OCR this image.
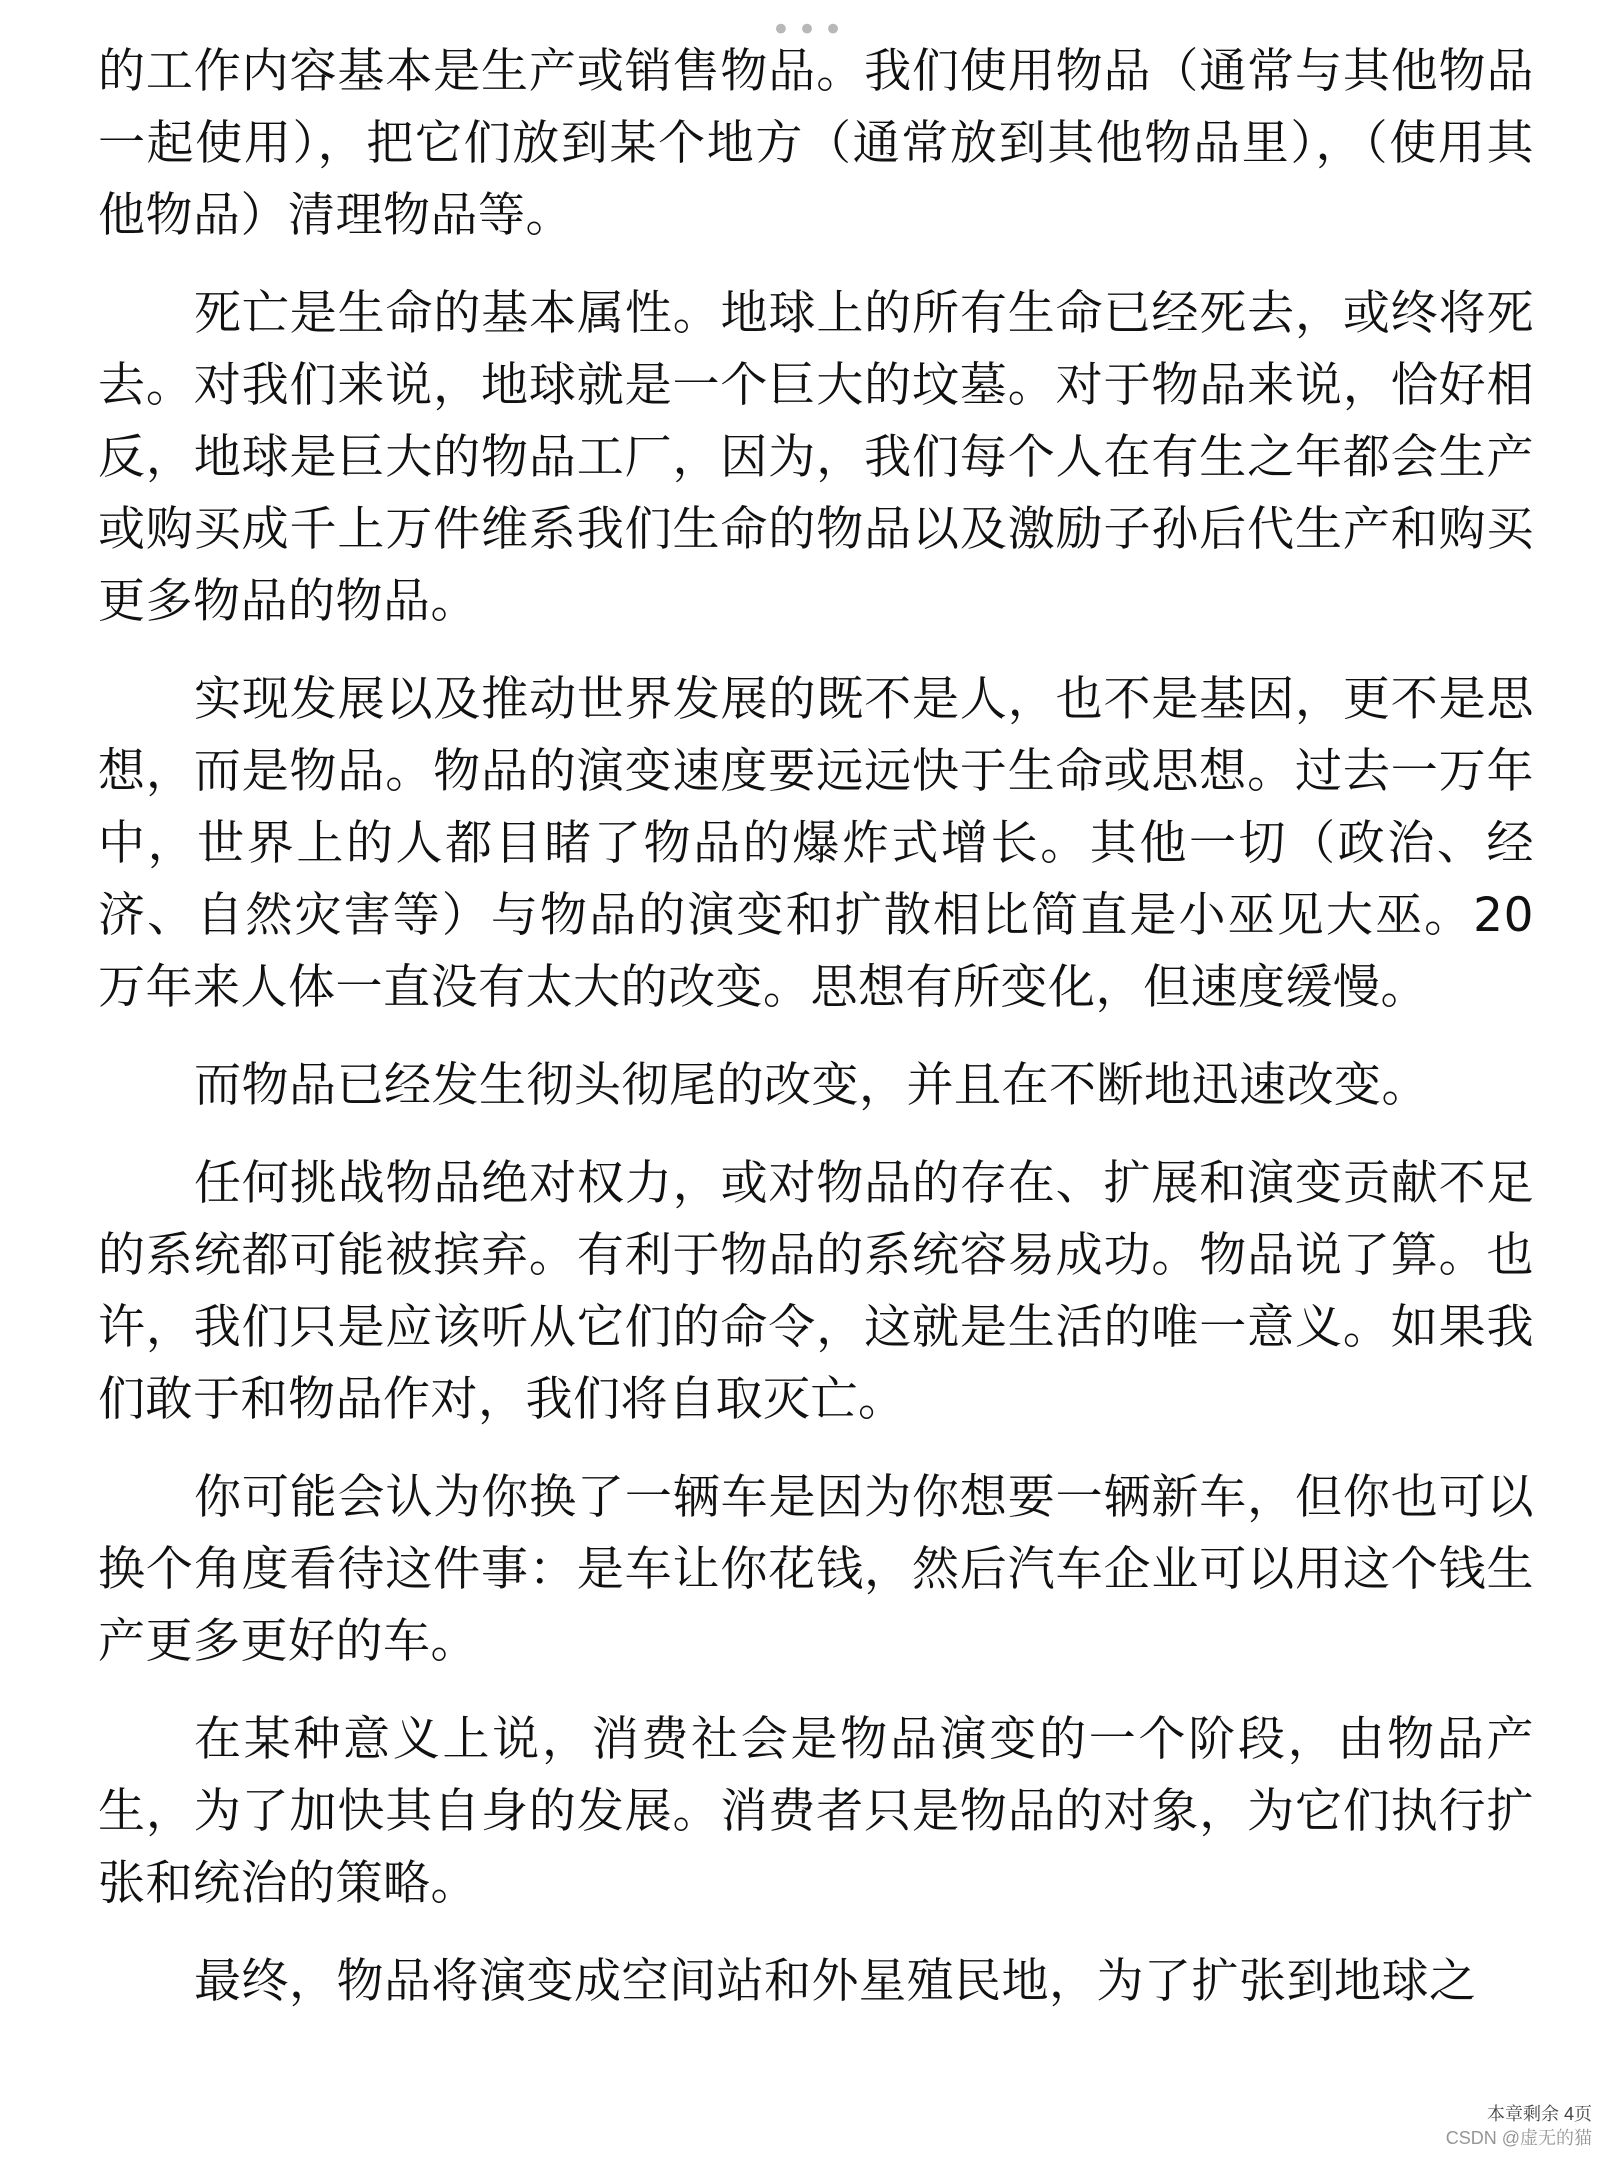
•••

的工作内容基本是生产或销售物品。我们使用物品（通常与其他物品一起使用），把它们放到某个地方（通常放到其他物品里），（使用其他物品）清理物品等。

死亡是生命的基本属性。地球上的所有生命已经死去，或终将死去。对我们来说，地球就是一个巨大的坟墓。对于物品来说，恰好相反，地球是巨大的物品工厂，因为，我们每个人在有生之年都会生产或购买成千上万件维系我们生命的物品以及激励子孙后代生产和购买更多物品的物品。

实现发展以及推动世界发展的既不是人，也不是基因，更不是思想，而是物品。物品的演变速度要远远快于生命或思想。过去一万年中，世界上的人都目睹了物品的爆炸式增长。其他一切（政治、经济、自然灾害等）与物品的演变和扩散相比简直是小巫见大巫。20万年来人体一直没有太大的改变。思想有所变化，但速度缓慢。

而物品已经发生彻头彻尾的改变，并且在不断地迅速改变。

任何挑战物品绝对权力，或对物品的存在、扩展和演变贡献不足的系统都可能被摈弃。有利于物品的系统容易成功。物品说了算。也许，我们只是应该听从它们的命令，这就是生活的唯一意义。如果我们敢于和物品作对，我们将自取灭亡。

你可能会认为你换了一辆车是因为你想要一辆新车，但你也可以换个角度看待这件事：是车让你花钱，然后汽车企业可以用这个钱生产更多更好的车。

在某种意义上说，消费社会是物品演变的一个阶段，由物品产生，为了加快其自身的发展。消费者只是物品的对象，为它们执行扩张和统治的策略。

最终，物品将演变成空间站和外星殖民地，为了扩张到地球之

本章剩余 4页
CSDN @虚无的猫
